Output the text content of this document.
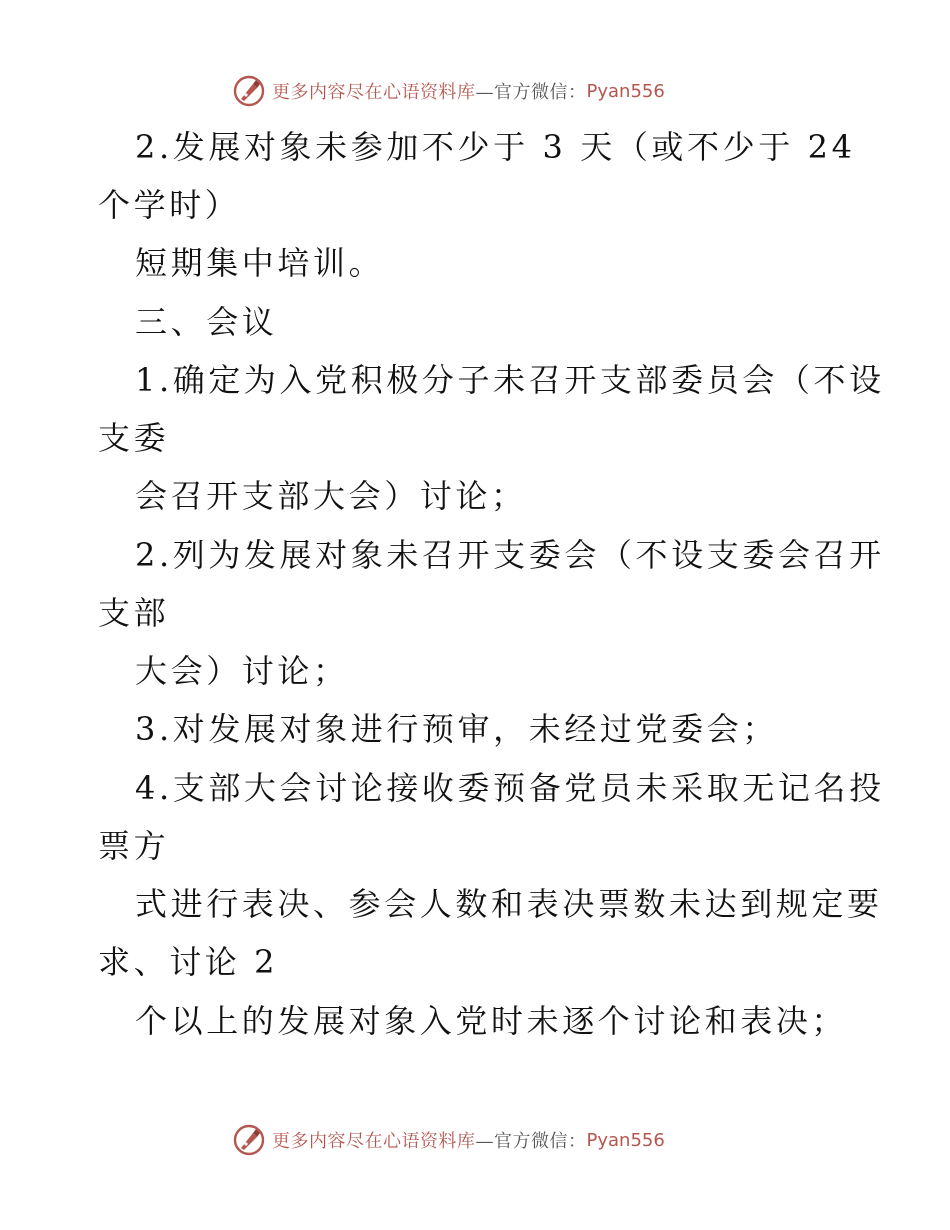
更多内容尽在心语资料库 —官方微信： Pyan556
2.发展对象未参加不少于 3 天（或不少于 24
个学时）
短期集中培训。
三、会议
1.确定为入党积极分子未召开支部委员会（不设
支委
会召开支部大会）讨论；
2.列为发展对象未召开支委会（不设支委会召开
支部
大会）讨论；
3.对发展对象进行预审，未经过党委会；
4.支部大会讨论接收委预备党员未采取无记名投
票方
式进行表决、参会人数和表决票数未达到规定要
求、讨论 2
个以上的发展对象入党时未逐个讨论和表决；
更多内容尽在心语资料库 —官方微信： Pyan556
